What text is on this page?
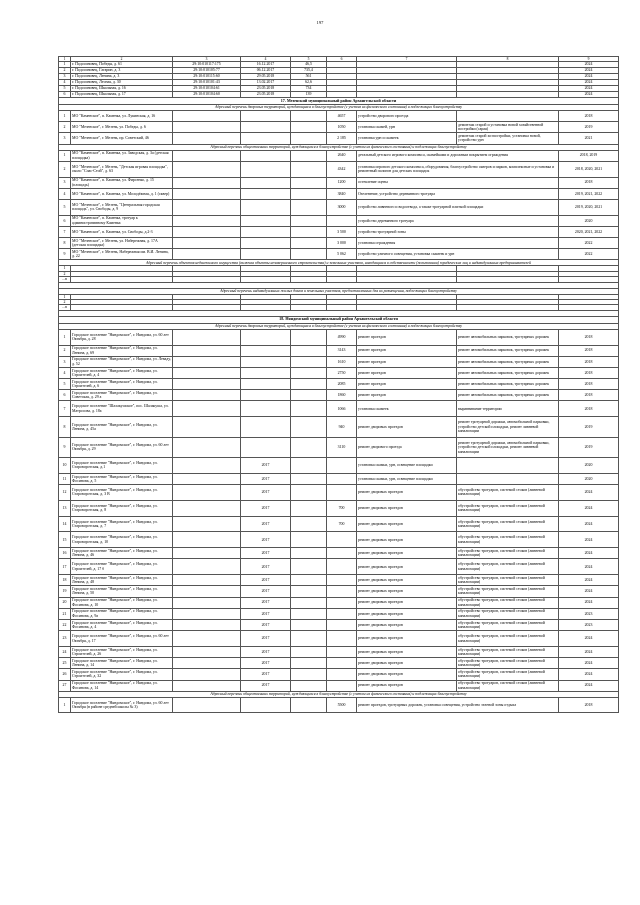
197
1	2	3	4	5	6	7	8	9
1	г. Подосиновец, Победы, д. 61	29:10:010117:175	16.12.2017	46,5				2024
2	г. Подосиновец, Гагарин, д. 3	29:10:010105:77	06.12.2017	735,4				2024
3	г. Подосиновец, Ленина, д. 3	29:10:010115:60	29.05.2018	561				2024
4	г. Подосиновец, Лесная, д. 30	29:10:010101:43	13.02.2017	62,6				2024
5	г. Подосиновец, Школьная, д. 16	29:10:010104:61	23.05.2018	734				2024
6	г. Подосиновец, Школьная, д. 17	29:10:010104:60	23.05.2018	139				2024
17. Мезенский муниципальный район Архангельской области								
Адресный перечень дворовых территорий, нуждающихся в благоустройстве (с учетом их физического состояния) и подлежащих благоустройству								
1	МО "Каменское", п. Каменка, ул. Лукинская, д. 16				4657	устройство дворового проезда		2018
2	МО "Мезенское", г. Мезень, ул. Победы, д. 6				1050	установка скамей, урн	демонтаж старой и установка новой хозяйственной постройки (сарая)	2019
3	МО "Мезенское", г. Мезень, пр. Советский, 46				2 185	установка урн и скамеек	демонтаж старой хозпостройки, установка новой, устройство урн	2021
Адресный перечень общественных территорий, нуждающихся в благоустройстве (с учетом их физического состояния) и подлежащих благоустройству								
1	МО "Каменское", п. Каменка, ул. Заводская, д. 3а (детская площадка)				2640	детальный детского игрового комплекса, скамейками и дорожным покрытием ограждения		2018, 2019
2	МО "Мезенское", г. Мезень, "Детская игровая площадка", около "Спас-Стой", д. 63				4342	установка игрового детского комплекса, оборудования, благоустройство скверов и парков, комплексные и установка и ремонтный полигон для детских площадок		2018, 2020, 2021
3	МО "Каменское", п. Каменка, ул. Фирсенко, д. 15 (площадь)				1200	остекление сцены		2018
4	МО "Каменское", п. Каменка, ул. Молодёжная, д. 1 (сквер)				3840	Озеленение, устройство деревянного тротуара		2019, 2021, 2022
5	МО "Мезенское", г. Мезень, "Центральная городская площадь", ул. Свободы, д. 9				3000	устройство ливневого и водоотвода, а также тротуарной плиткой площадки		2019, 2020, 2021
6	МО "Каменское", п. Каменка, тротуар к административному Каменка					устройство деревянного тротуара		2020
7	МО "Каменское", п. Каменка, ул. Свободы, д.2-3				3 500	устройство тротуарной зоны		2020, 2021, 2022
8	МО "Мезенское", г. Мезень, ул. Набережная, д. 17А (детская площадка)				3 000	установка ограждения		2022
9	МО "Мезенское", г. Мезень, Набережная им. В.И. Ленина, д. 22				5 062	устройство уличного освещения, установка скамеек и урн		2022
Адресный перечень объектов недвижимого имущества (включая объекты незавершенного строительства) и земельных участков, находящихся в собственности (пользовании) юридических лиц и индивидуальных предпринимателей								
1								
2								
...n								

Адресный перечень индивидуальных жилых домов и земельных участков, предоставленных для их размещения, подлежащих благоустройству								
1								
2								
...n								

18. Няндомский муниципальный район Архангельской области								
Адресный перечень дворовых территорий, нуждающихся в благоустройстве (с учетом их физического состояния) и подлежащих благоустройству								
1	Городское поселение "Няндомское", г. Няндома, ул. 60 лет Октября, д. 28				4990	ремонт проездов	ремонт автомобильных парковок, тротуарных дорожек	2018
2	Городское поселение "Няндомское", г. Няндома, ул. Ленина, д. 69				3143	ремонт проездов	ремонт автомобильных парковок, тротуарных дорожек	2018
3	Городское поселение "Няндомское", г. Няндома, ул. Леваду, д. 52				1610	ремонт проездов	ремонт автомобильных парковок, тротуарных дорожек	2018
4	Городское поселение "Няндомское", г. Няндома, ул. Строителей, д. 4				2750	ремонт проездов	ремонт автомобильных парковок, тротуарных дорожек	2018
5	Городское поселение "Няндомское", г. Няндома, ул. Строителей, д. 6				2085	ремонт проездов	ремонт автомобильных парковок, тротуарных дорожек	2018
6	Городское поселение "Няндомское", г. Няндома, ул. Советская, д. 29 а				1860	ремонт проездов	ремонт автомобильных парковок, тротуарных дорожек	2018
7	Городское поселение "Шалакушское", пос. Шалакуша, ул. Матросова, д. 18а				1066	установка скамеек	выравнивание территории	2018
8	Городское поселение "Няндомское", г. Няндома, ул. Ленина, д. 45а				940	ремонт дворовых проездов	ремонт тротуарной дорожки, автомобильной парковки, устройство детской площадки, ремонт ливневой канализации	2019
9	Городское поселение "Няндомское", г. Няндома, ул. 60 лет Октября, д. 29				3110	ремонт дворового проезда	ремонт тротуарной дорожки, автомобильной парковки, устройство детской площадки, ремонт ливневой канализации	2019
10	Городское поселение "Няндомское", г. Няндома, ул. Староворотская, д.1		2017			установка скамьи, урн, освещение площадки		2020
11	Городское поселение "Няндомское", г. Няндома, ул. Фосинова, д. 5		2017			установка скамьи, урн, освещение площадки		2020
12	Городское поселение "Няндомское", г. Няндома, ул. Староворотская, д. 3 В		2017			ремонт дворовых проездов	обустройство тротуаров, системой стоков (ливневой канализации)	2024
13	Городское поселение "Няндомское", г. Няндома, ул. Староворотская, д. 8		2017		700	ремонт дворовых проездов	обустройство тротуаров, системой стоков (ливневой канализации)	2024
14	Городское поселение "Няндомское", г. Няндома, ул. Староворотская, д. 7		2017		700	ремонт дворовых проездов	обустройство тротуаров, системой стоков (ливневой канализации)	2024
15	Городское поселение "Няндомское", г. Няндома, ул. Староворотская, д. 10		2017			ремонт дворовых проездов	обустройство тротуаров, системой стоков (ливневой канализации)	2024
16	Городское поселение "Няндомское", г. Няндома, ул. Ленина, д. 46		2017			ремонт дворовых проездов	обустройство тротуаров, системой стоков (ливневой канализации)	2024
17	Городское поселение "Няндомское", г. Няндома, ул. Строителей, д. 17 б		2017			ремонт дворовых проездов	обустройство тротуаров, системой стоков (ливневой канализации)	2024
18	Городское поселение "Няндомское", г. Няндома, ул. Ленина, д. 48		2017			ремонт дворовых проездов	обустройство тротуаров, системой стоков (ливневой канализации)	2024
19	Городское поселение "Няндомское", г. Няндома, ул. Ленина, д. 50		2017			ремонт дворовых проездов	обустройство тротуаров, системой стоков (ливневой канализации)	2024
20	Городское поселение "Няндомское", г. Няндома, ул. Фосинова, д. 10		2017			ремонт дворовых проездов	обустройство тротуаров, системой стоков (ливневой канализации)	2024
21	Городское поселение "Няндомское", г. Няндома, ул. Фосинова, д. 9а		2017			ремонт дворовых проездов	обустройство тротуаров, системой стоков (ливневой канализации)	2023
22	Городское поселение "Няндомское", г. Няндома, ул. Фосинова, д. 4		2017			ремонт дворовых проездов	обустройство тротуаров, системой стоков (ливневой канализации)	2023
23	Городское поселение "Няндомское", г. Няндома, ул. 60 лет Октября, д. 17		2017			ремонт дворовых проездов	обустройство тротуаров, системой стоков (ливневой канализации)	2024
24	Городское поселение "Няндомское", г. Няндома, ул. Строителей, д. 26		2017			ремонт дворовых проездов	обустройство тротуаров, системой стоков (ливневой канализации)	2024
25	Городское поселение "Няндомское", г. Няндома, ул. Ленина, д. 14		2017			ремонт дворовых проездов	обустройство тротуаров, системой стоков (ливневой канализации)	2024
26	Городское поселение "Няндомское", г. Няндома, ул. Строителей, д. 32		2017			ремонт дворовых проездов	обустройство тротуаров, системой стоков (ливневой канализации)	2024
27	Городское поселение "Няндомское", г. Няндома, ул. Фосинова, д. 14		2017			ремонт дворовых проездов	обустройство тротуаров, системой стоков (ливневой канализации)	2024
Адресный перечень общественных территорий, нуждающихся в благоустройстве (с учетом их физического состояния) и подлежащих благоустройству								
1	Городское поселение "Няндомское", г. Няндома, ул. 60 лет Октября (в районе средней школы № 3)				5500	ремонт проездов, тротуарных дорожек, установка освещения, устройство зеленой зоны отдыха		2018
